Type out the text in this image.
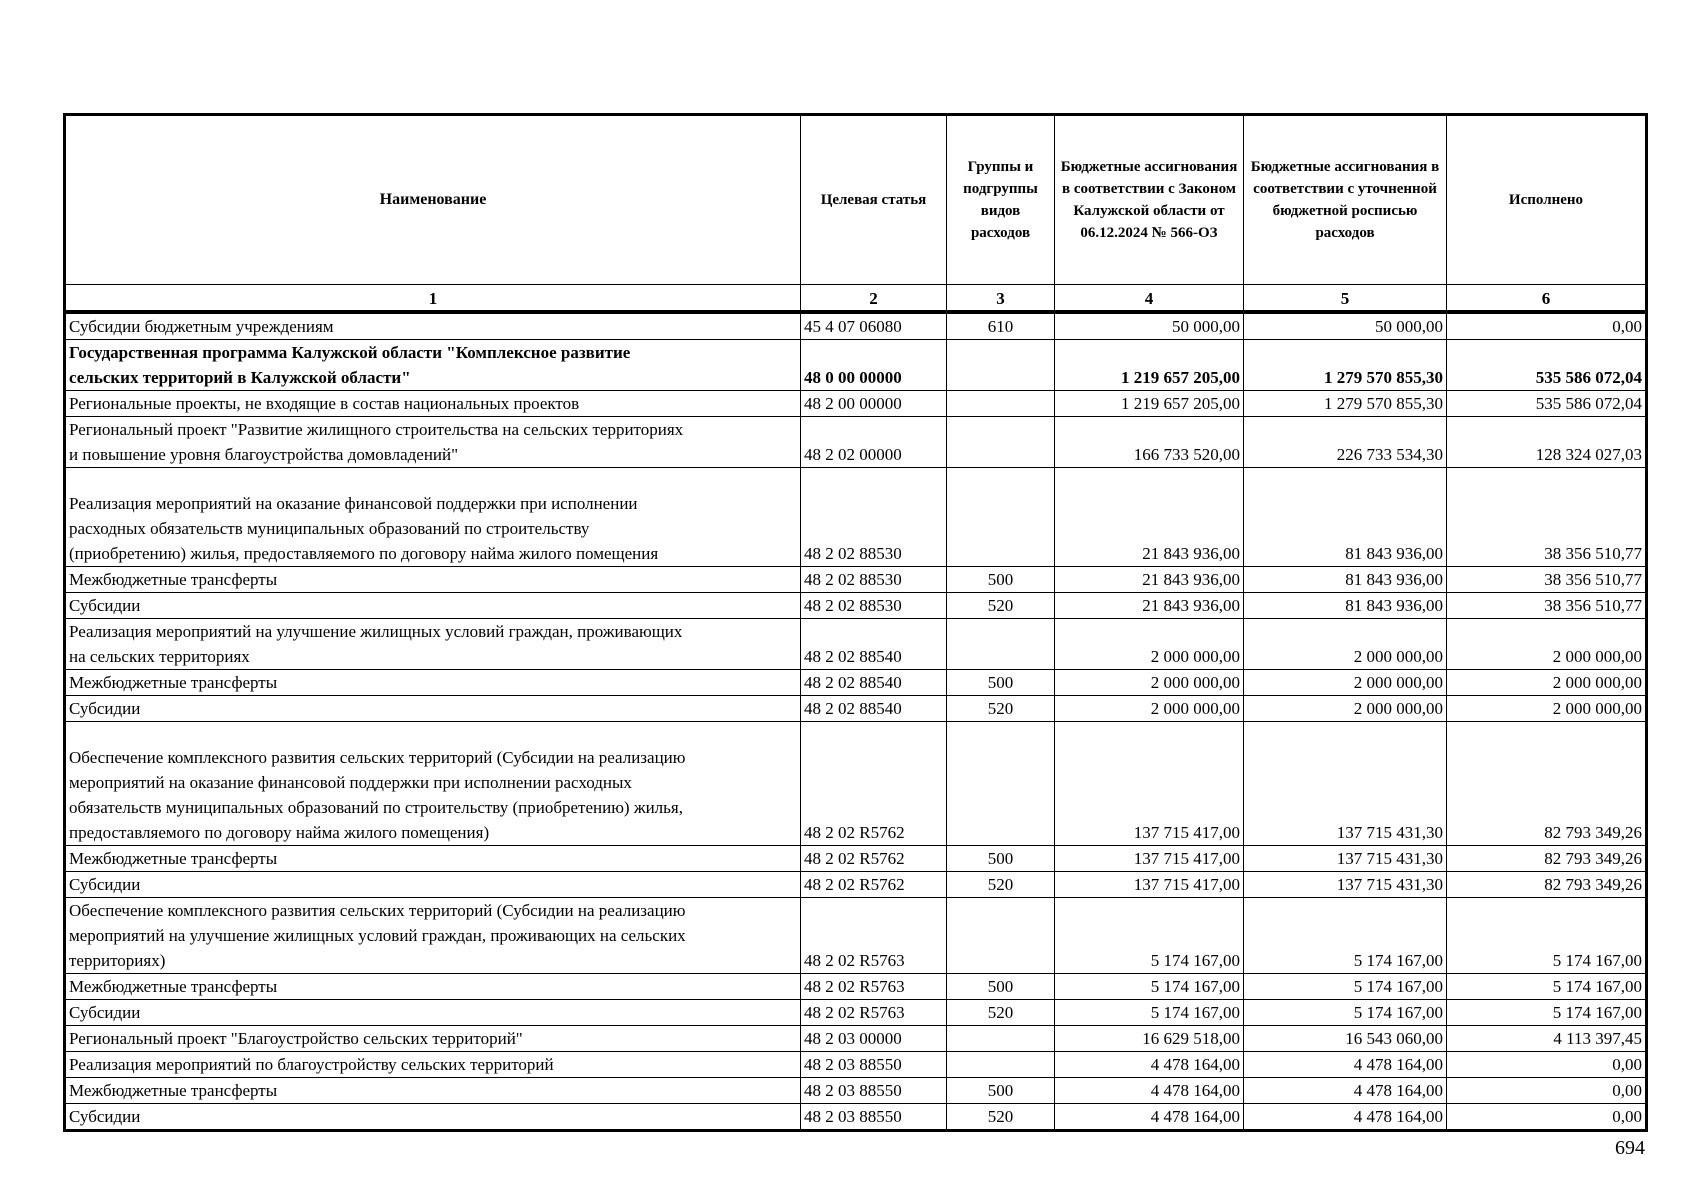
Наименование	Целевая статья	Группы и подгруппы видов расходов	Бюджетные ассигнования в соответствии с Законом Калужской области от 06.12.2024 № 566-ОЗ	Бюджетные ассигнования в соответствии с уточненной бюджетной росписью расходов	Исполнено
1	2	3	4	5	6
Субсидии бюджетным учреждениям	45 4 07 06080	610	50 000,00	50 000,00	0,00
Государственная программа Калужской области "Комплексное развитие
сельских территорий в Калужской области"	48 0 00 00000		1 219 657 205,00	1 279 570 855,30	535 586 072,04
Региональные проекты, не входящие в состав национальных проектов	48 2 00 00000		1 219 657 205,00	1 279 570 855,30	535 586 072,04
Региональный проект "Развитие жилищного строительства на сельских территориях
и повышение уровня благоустройства домовладений"	48 2 02 00000		166 733 520,00	226 733 534,30	128 324 027,03
Реализация мероприятий на оказание финансовой поддержки при исполнении
расходных обязательств муниципальных образований по строительству
(приобретению) жилья, предоставляемого по договору найма жилого помещения	48 2 02 88530		21 843 936,00	81 843 936,00	38 356 510,77
Межбюджетные трансферты	48 2 02 88530	500	21 843 936,00	81 843 936,00	38 356 510,77
Субсидии	48 2 02 88530	520	21 843 936,00	81 843 936,00	38 356 510,77
Реализация мероприятий на улучшение жилищных условий граждан, проживающих
на сельских территориях	48 2 02 88540		2 000 000,00	2 000 000,00	2 000 000,00
Межбюджетные трансферты	48 2 02 88540	500	2 000 000,00	2 000 000,00	2 000 000,00
Субсидии	48 2 02 88540	520	2 000 000,00	2 000 000,00	2 000 000,00
Обеспечение комплексного развития сельских территорий (Субсидии на реализацию
мероприятий на оказание финансовой поддержки при исполнении расходных
обязательств муниципальных образований по строительству (приобретению) жилья,
предоставляемого по договору найма жилого помещения)	48 2 02 R5762		137 715 417,00	137 715 431,30	82 793 349,26
Межбюджетные трансферты	48 2 02 R5762	500	137 715 417,00	137 715 431,30	82 793 349,26
Субсидии	48 2 02 R5762	520	137 715 417,00	137 715 431,30	82 793 349,26
Обеспечение комплексного развития сельских территорий (Субсидии на реализацию
мероприятий на улучшение жилищных условий граждан, проживающих на сельских
территориях)	48 2 02 R5763		5 174 167,00	5 174 167,00	5 174 167,00
Межбюджетные трансферты	48 2 02 R5763	500	5 174 167,00	5 174 167,00	5 174 167,00
Субсидии	48 2 02 R5763	520	5 174 167,00	5 174 167,00	5 174 167,00
Региональный проект "Благоустройство сельских территорий"	48 2 03 00000		16 629 518,00	16 543 060,00	4 113 397,45
Реализация мероприятий по благоустройству сельских территорий	48 2 03 88550		4 478 164,00	4 478 164,00	0,00
Межбюджетные трансферты	48 2 03 88550	500	4 478 164,00	4 478 164,00	0,00
Субсидии	48 2 03 88550	520	4 478 164,00	4 478 164,00	0,00
694
